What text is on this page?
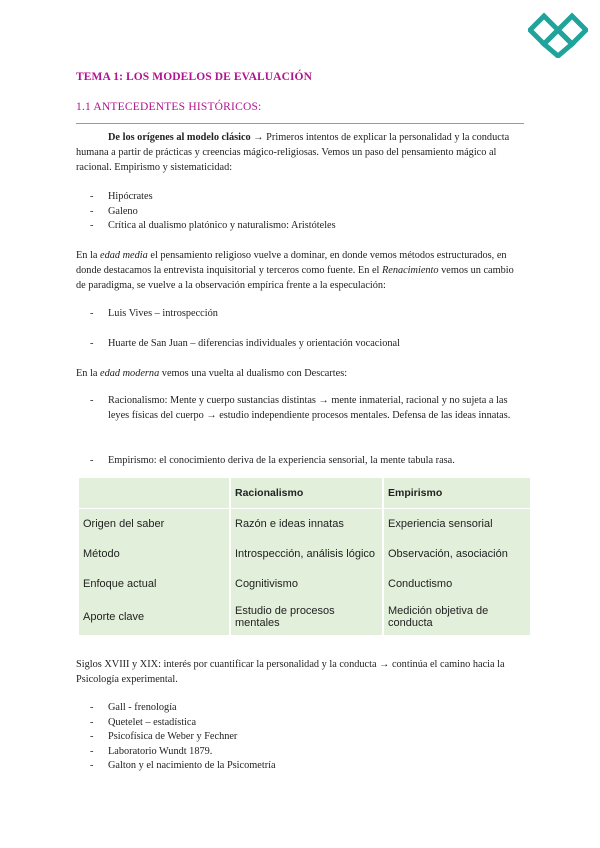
TEMA 1: LOS MODELOS DE EVALUACIÓN
1.1 ANTECEDENTES HISTÓRICOS:
De los orígenes al modelo clásico → Primeros intentos de explicar la personalidad y la conducta humana a partir de prácticas y creencias mágico-religiosas. Vemos un paso del pensamiento mágico al racional. Empirismo y sistematicidad:
- Hipócrates
- Galeno
- Crítica al dualismo platónico y naturalismo: Aristóteles
En la edad media el pensamiento religioso vuelve a dominar, en donde vemos métodos estructurados, en donde destacamos la entrevista inquisitorial y terceros como fuente. En el Renacimiento vemos un cambio de paradigma, se vuelve a la observación empírica frente a la especulación:
- Luis Vives – introspección
- Huarte de San Juan – diferencias individuales y orientación vocacional
En la edad moderna vemos una vuelta al dualismo con Descartes:
- Racionalismo: Mente y cuerpo sustancias distintas → mente inmaterial, racional y no sujeta a las leyes físicas del cuerpo → estudio independiente procesos mentales. Defensa de las ideas innatas.
- Empirismo: el conocimiento deriva de la experiencia sensorial, la mente tabula rasa.
	Racionalismo	Empirismo
Origen del saber	Razón e ideas innatas	Experiencia sensorial
Método	Introspección, análisis lógico	Observación, asociación
Enfoque actual	Cognitivismo	Conductismo
Aporte clave	Estudio de procesos mentales	Medición objetiva de conducta
Siglos XVIII y XIX: interés por cuantificar la personalidad y la conducta → continúa el camino hacia la Psicología experimental.
- Gall - frenología
- Quetelet – estadística
- Psicofísica de Weber y Fechner
- Laboratorio Wundt 1879.
- Galton y el nacimiento de la Psicometría
